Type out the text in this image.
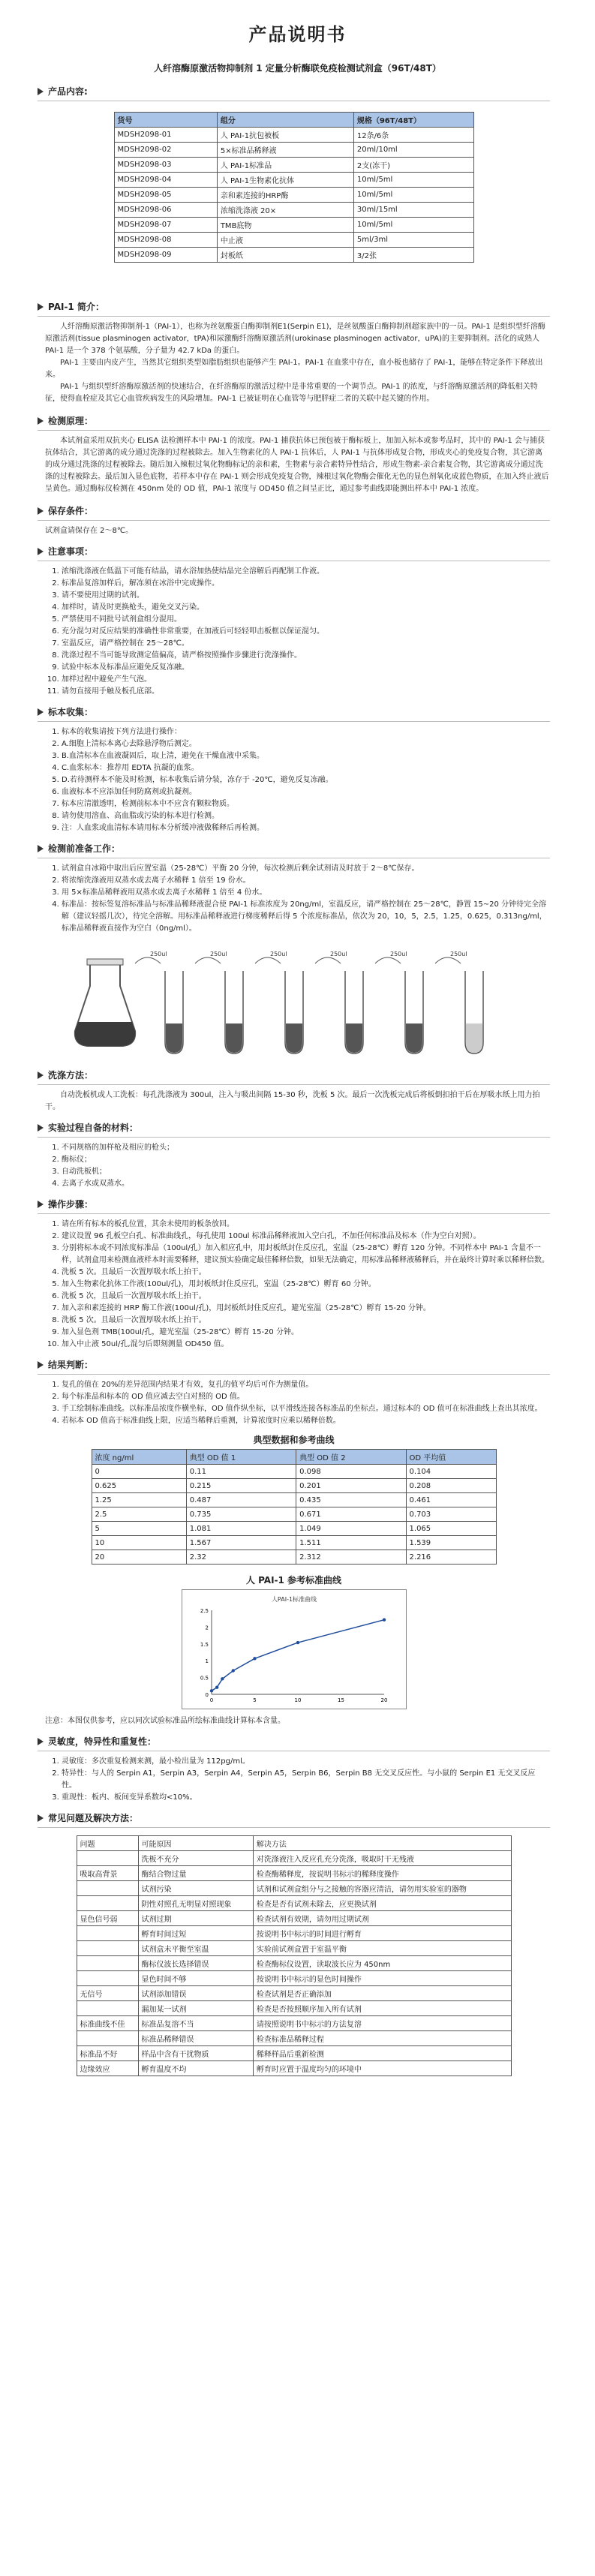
产品说明书
人纤溶酶原激活物抑制剂 1 定量分析酶联免疫检测试剂盒（96T/48T）
产品内容:
货号	组分	规格（96T/48T）
MDSH2098-01	人 PAI-1抗包被板	12条/6条
MDSH2098-02	5×标准品稀释液	20ml/10ml
MDSH2098-03	人 PAI-1标准品	2支(冻干)
MDSH2098-04	人 PAI-1生物素化抗体	10ml/5ml
MDSH2098-05	亲和素连接的HRP酶	10ml/5ml
MDSH2098-06	浓缩洗涤液 20×	30ml/15ml
MDSH2098-07	TMB底物	10ml/5ml
MDSH2098-08	中止液	5ml/3ml
MDSH2098-09	封板纸	3/2张
PAI-1 简介：

人纤溶酶原激活物抑制剂-1（PAI-1），也称为丝氨酸蛋白酶抑制剂E1(Serpin E1)，是丝氨酸蛋白酶抑制剂超家族中的一员。PAI-1 是组织型纤溶酶原激活剂(tissue plasminogen activator，tPA)和尿激酶纤溶酶原激活剂(urokinase plasminogen activator，uPA)的主要抑制剂。活化的成熟人 PAI-1 是一个 378 个氨基酸，分子量为 42.7 kDa 的蛋白。

PAI-1 主要由内皮产生，当然其它组织类型如脂肪组织也能够产生 PAI-1。PAI-1 在血浆中存在，血小板也储存了 PAI-1，能够在特定条件下释放出来。

PAI-1 与组织型纤溶酶原激活剂的快速结合，在纤溶酶原的激活过程中是非常重要的一个调节点。PAI-1 的浓度，与纤溶酶原激活剂的降低相关特征，使得血栓症及其它心血管疾病发生的风险增加。PAI-1 已被证明在心血管等与肥胖症二者的关联中起关键的作用。

检测原理：

本试剂盒采用双抗夹心 ELISA 法检测样本中 PAI-1 的浓度。PAI-1 捕获抗体已预包被于酶标板上，加加入标本或参考品时，其中的 PAI-1 会与捕获抗体结合，其它游离的成分通过洗涤的过程被除去。加入生物素化的人 PAI-1 抗体后，人 PAI-1 与抗体形成复合物，形成夹心的免疫复合物，其它游离的成分通过洗涤的过程被除去。随后加入辣根过氧化物酶标记的亲和素，生物素与亲合素特异性结合，形成生物素-亲合素复合物，其它游离成分通过洗涤的过程被除去。最后加入显色底物，若样本中存在 PAI-1 则会形成免疫复合物，辣根过氧化物酶会催化无色的显色剂氧化成蓝色物质，在加入终止液后呈黄色。通过酶标仪检测在 450nm 处的 OD 值，PAI-1 浓度与 OD450 值之间呈正比，通过参考曲线即能测出样本中 PAI-1 浓度。

保存条件：

试剂盒请保存在 2～8℃。

注意事项：
1. 浓缩洗涤液在低温下可能有结晶，请水浴加热使结晶完全溶解后再配制工作液。
2. 标准品复溶加样后，解冻须在冰浴中完成操作。
3. 请不要使用过期的试剂。
4. 加样时，请及时更换枪头，避免交叉污染。
5. 严禁使用不同批号试剂盒组分混用。
6. 充分混匀对反应结果的准确性非常重要，在加液后可轻轻叩击板框以保证混匀。
7. 室温反应，请严格控制在 25～28℃。
8. 洗涤过程不当可能导致测定值偏高，请严格按照操作步骤进行洗涤操作。
9. 试验中标本及标准品应避免反复冻融。
10. 加样过程中避免产生气泡。
11. 请勿直接用手触及板孔底部。
标本收集：
1. 标本的收集请按下列方法进行操作：
2. A.细胞上清标本离心去除悬浮物后测定。
3. B.血清标本在血液凝固后，取上清，避免在干燥血液中采集。
4. C.血浆标本：推荐用 EDTA 抗凝的血浆。
5. D.若待测样本不能及时检测，标本收集后请分装，冻存于 -20℃，避免反复冻融。
6. 血液标本不应添加任何防腐剂或抗凝剂。
7. 标本应清澈透明，检测前标本中不应含有颗粒物质。
8. 请勿使用溶血、高血脂或污染的标本进行检测。
9. 注：人血浆或血清标本请用标本分析缓冲液做稀释后再检测。
检测前准备工作：
1. 试剂盒自冰箱中取出后应置室温（25-28℃）平衡 20 分钟，每次检测后剩余试剂请及时放于 2～8℃保存。
2. 将浓缩洗涤液用双蒸水或去离子水稀释 1 倍至 19 份水。
3. 用 5×标准品稀释液用双蒸水或去离子水稀释 1 倍至 4 份水。
4. 标准品：按标签复溶标准品与标准品稀释液混合使 PAI-1 标准浓度为 20ng/ml，室温反应，请严格控制在 25～28℃，静置 15~20 分钟待完全溶解（建议轻摇几次），待完全溶解。用标准品稀释液进行梯度稀释后得 5 个浓度标准品，依次为 20，10，5，2.5，1.25，0.625，0.313ng/ml，标准品稀释液直接作为空白（0ng/ml）。
250ul	250ul	250ul	250ul	250ul	250ul
洗涤方法：

自动洗板机或人工洗板：每孔洗涤液为 300ul，注入与吸出间隔 15-30 秒，洗板 5 次。最后一次洗板完成后将板倒扣拍干后在厚吸水纸上用力拍干。

实验过程自备的材料：
1. 不同规格的加样枪及相应的枪头；
2. 酶标仪；
3. 自动洗板机；
4. 去离子水或双蒸水。
操作步骤：
1. 请在所有标本的板孔位置，其余未使用的板条放回。
2. 建议设置 96 孔板空白孔、标准曲线孔，每孔使用 100ul 标准品稀释液加入空白孔，不加任何标准品及标本（作为空白对照）。
3. 分别将标本或不同浓度标准品（100ul/孔）加入相应孔中，用封板纸封住反应孔，室温（25-28℃）孵育 120 分钟。不同样本中 PAI-1 含量不一样，试剂盒用来检测血液样本时需要稀释，建议预实验确定最佳稀释倍数，如果无法确定，用标准品稀释液稀释后，并在最终计算时乘以稀释倍数。
4. 洗板 5 次。且最后一次置厚吸水纸上拍干。
5. 加入生物素化抗体工作液(100ul/孔)，用封板纸封住反应孔，室温（25-28℃）孵育 60 分钟。
6. 洗板 5 次，且最后一次置厚吸水纸上拍干。
7. 加入亲和素连接的 HRP 酶工作液(100ul/孔)，用封板纸封住反应孔，避光室温（25-28℃）孵育 15-20 分钟。
8. 洗板 5 次。且最后一次置厚吸水纸上拍干。
9. 加入显色剂 TMB(100ul/孔，避光室温（25-28℃）孵育 15-20 分钟。
10. 加入中止液 50ul/孔,混匀后即刻测量 OD450 值。
结果判断：
1. 复孔的值在 20%的差异范围内结果才有效，复孔的值平均后可作为测量值。
2. 每个标准品和标本的 OD 值应减去空白对照的 OD 值。
3. 手工绘制标准曲线。以标准品浓度作横坐标，OD 值作纵坐标，以平滑线连接各标准品的坐标点。通过标本的 OD 值可在标准曲线上查出其浓度。
4. 若标本 OD 值高于标准曲线上限，应适当稀释后重测，计算浓度时应乘以稀释倍数。
典型数据和参考曲线
浓度 ng/ml	典型 OD 值 1	典型 OD 值 2	OD 平均值
0	0.11	0.098	0.104
0.625	0.215	0.201	0.208
1.25	0.487	0.435	0.461
2.5	0.735	0.671	0.703
5	1.081	1.049	1.065
10	1.567	1.511	1.539
20	2.32	2.312	2.216
人 PAI-1 参考标准曲线
人PAI-1标准曲线
0
0.5
1
1.5
2
2.5
0	5	10	15	20

注意：本图仅供参考，应以同次试验标准品所绘标准曲线计算标本含量。

灵敏度，特异性和重复性：
1. 灵敏度：多次重复检测来测，最小检出量为 112pg/ml。
2. 特异性：与人的 Serpin A1，Serpin A3，Serpin A4，Serpin A5，Serpin B6，Serpin B8 无交叉反应性。与小鼠的 Serpin E1 无交叉反应性。
3. 重现性：板内、板间变异系数均<10%。
常见问题及解决方法：
问题	可能原因	解决方法
	洗板不充分	对洗涤液注入反应孔充分洗涤，吸取时干无残液
吸取高背景	酶结合物过量	检查酶稀释度，按说明书标示的稀释度操作
	试剂污染	试剂和试剂盒组分与之接触的容器应清洁，请勿用实验室的器物
	阴性对照孔无明显对照现象	检查是否有试剂未除去，应更换试剂
显色信号弱	试剂过期	检查试剂有效期，请勿用过期试剂
	孵育时间过短	按说明书中标示的时间进行孵育
	试剂盒未平衡至室温	实验前试剂盒置于室温平衡
	酶标仪波长选择错误	检查酶标仪设置，读取波长应为 450nm
	显色时间不够	按说明书中标示的显色时间操作
无信号	试剂添加错误	检查试剂是否正确添加
	漏加某一试剂	检查是否按照顺序加入所有试剂
标准曲线不佳	标准品复溶不当	请按照说明书中标示的方法复溶
	标准品稀释错误	检查标准品稀释过程
标准品不好	样品中含有干扰物质	稀释样品后重新检测
边缘效应	孵育温度不均	孵育时应置于温度均匀的环境中
